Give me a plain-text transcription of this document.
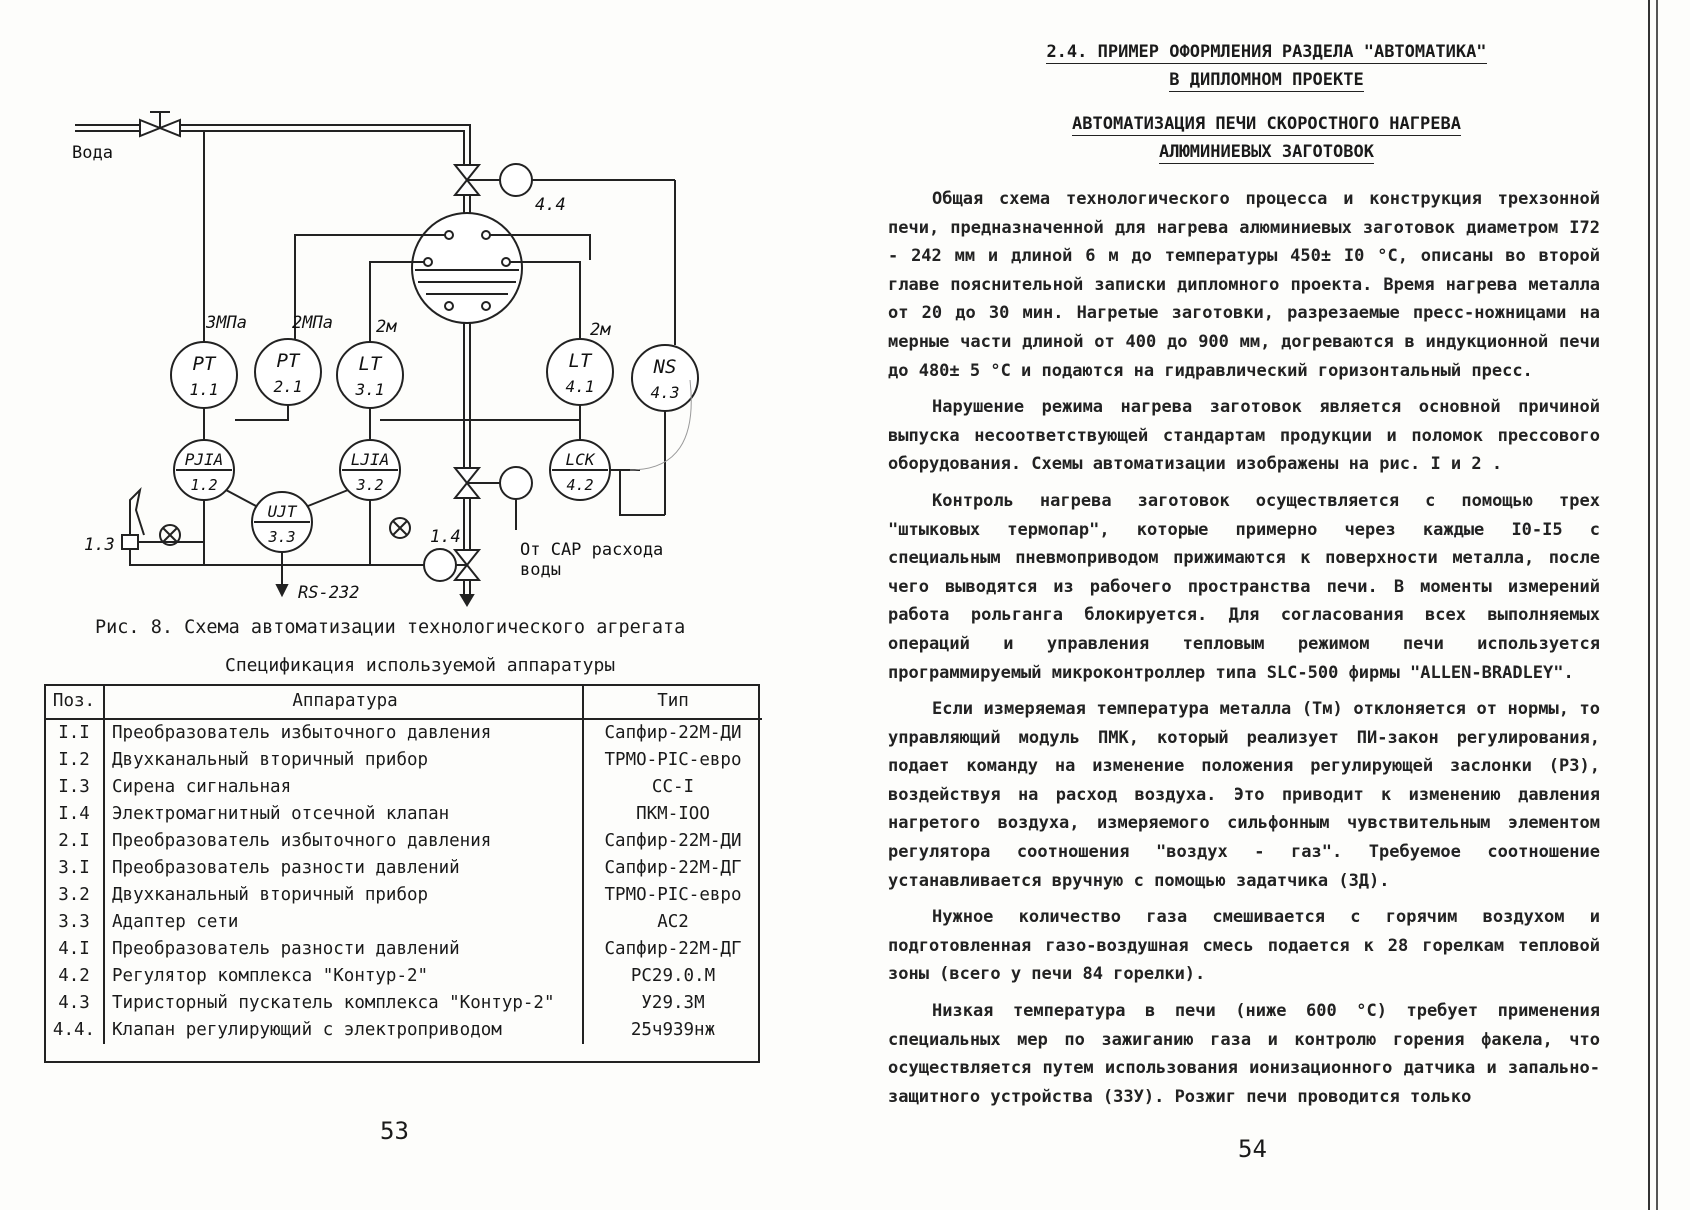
PT
1.1
PT
2.1
LT
3.1
LT
4.1
NS
4.3
PJIA
1.2
LJIA
3.2
LCK
4.2
UJT
3.3
Вода
От САР расхода
воды
RS-232
3МПа	2МПа	2м	2м
4.4
1.4
1.3
Рис. 8. Схема автоматизации технологического агрегата
Спецификация используемой аппаратуры
Поз.	Аппаратура	Тип
I.I	Преобразователь избыточного давления	Сапфир-22М-ДИ
I.2	Двухканальный вторичный прибор	ТРМО-РIС-евро
I.3	Сирена сигнальная	СС-I
I.4	Электромагнитный отсечной клапан	ПКМ-IОО
2.I	Преобразователь избыточного давления	Сапфир-22М-ДИ
3.I	Преобразователь разности давлений	Сапфир-22М-ДГ
3.2	Двухканальный вторичный прибор	ТРМО-РIС-евро
3.3	Адаптер сети	АС2
4.I	Преобразователь разности давлений	Сапфир-22М-ДГ
4.2	Регулятор комплекса "Контур-2"	РС29.0.М
4.3	Тиристорный пускатель комплекса "Контур-2"	У29.3М
4.4.	Клапан регулирующий с электроприводом	25ч939нж
53
2.4. ПРИМЕР ОФОРМЛЕНИЯ РАЗДЕЛА "АВТОМАТИКА"
В ДИПЛОМНОМ ПРОЕКТЕ
АВТОМАТИЗАЦИЯ ПЕЧИ СКОРОСТНОГО НАГРЕВА
АЛЮМИНИЕВЫХ ЗАГОТОВОК

Общая схема технологического процесса и конструкция трехзонной печи, предназначенной для нагрева алюминиевых заготовок диаметром I72 - 242 мм и длиной 6 м до температуры 450± I0 °С, описаны во второй главе пояснительной записки дипломного проекта. Время нагрева металла от 20 до 30 мин. Нагретые заготовки, разрезаемые пресс-ножницами на мерные части длиной от 400 до 900 мм, догреваются в индукционной печи до 480± 5 °С и подаются на гидравлический горизонтальный пресс.

Нарушение режима нагрева заготовок является основной причиной выпуска несоответствующей стандартам продукции и поломок прессового оборудования. Схемы автоматизации изображены на рис. I и 2 .

Контроль нагрева заготовок осуществляется с помощью трех "штыковых термопар", которые примерно через каждые I0-I5 с специальным пневмоприводом прижимаются к поверхности металла, после чего выводятся из рабочего пространства печи. В моменты измерений работа рольганга блокируется. Для согласования всех выполняемых операций и управления тепловым режимом печи используется программируемый микроконтроллер типа SLC-500 фирмы "ALLEN-BRADLEY".

Если измеряемая температура металла (Tм) отклоняется от нормы, то управляющий модуль ПМК, который реализует ПИ-закон регулирования, подает команду на изменение положения регулирующей заслонки (РЗ), воздействуя на расход воздуха. Это приводит к изменению давления нагретого воздуха, измеряемого сильфонным чувствительным элементом регулятора соотношения "воздух - газ". Требуемое соотношение устанавливается вручную с помощью задатчика (ЗД).

Нужное количество газа смешивается с горячим воздухом и подготовленная газо-воздушная смесь подается к 28 горелкам тепловой зоны (всего у печи 84 горелки).

Низкая температура в печи (ниже 600 °С) требует применения специальных мер по зажиганию газа и контролю горения факела, что осуществляется путем использования ионизационного датчика и запально-защитного устройства (ЗЗУ). Розжиг печи проводится только

54
